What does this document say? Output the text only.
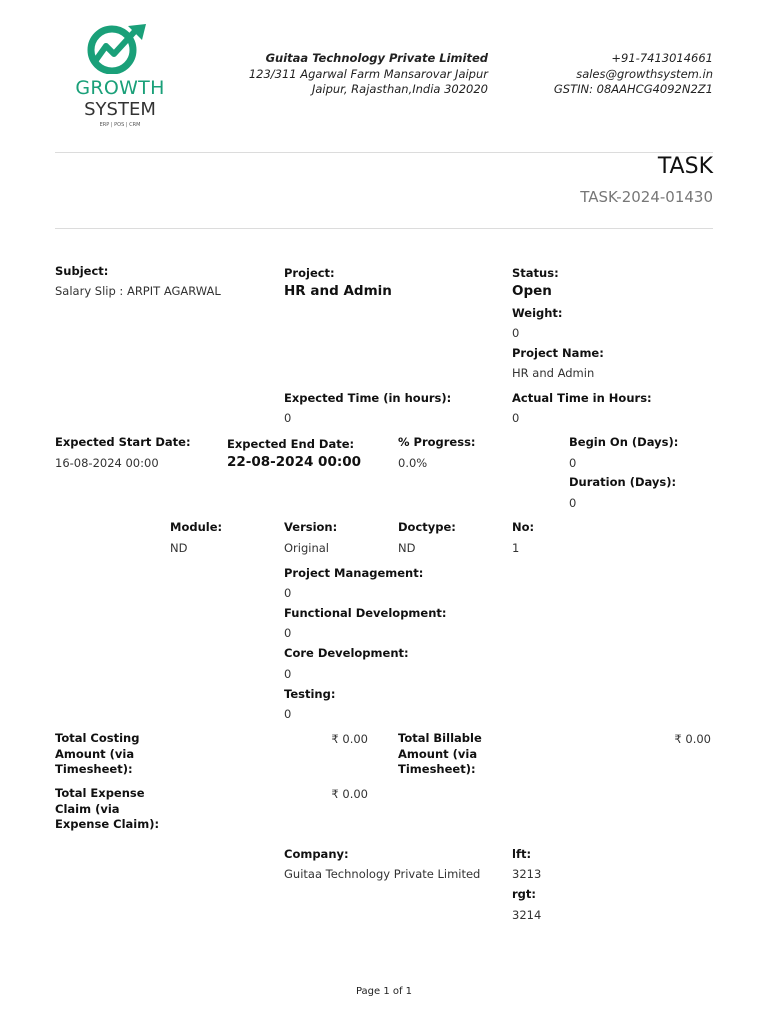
GROWTH
SYSTEM
ERP | POS | CRM
Guitaa Technology Private Limited
123/311 Agarwal Farm Mansarovar Jaipur
Jaipur, Rajasthan,India 302020
+91-7413014661
sales@growthsystem.in
GSTIN: 08AAHCG4092N2Z1
TASK
TASK-2024-01430
Subject:
Salary Slip : ARPIT AGARWAL
Project:
HR and Admin
Status:
Open
Weight:
0
Project Name:
HR and Admin
Expected Time (in hours):
0
Actual Time in Hours:
0
Expected Start Date:
16-08-2024 00:00
Expected End Date:
22-08-2024 00:00
% Progress:
0.0%
Begin On (Days):
0
Duration (Days):
0
Module:
ND
Version:
Original
Doctype:
ND
No:
1
Project Management:
0
Functional Development:
0
Core Development:
0
Testing:
0
Total Costing
Amount (via
Timesheet):
₹ 0.00	Total Billable
Amount (via
Timesheet):
₹ 0.00
Total Expense
Claim (via
Expense Claim):
₹ 0.00
Company:
Guitaa Technology Private Limited
lft:
3213
rgt:
3214
Page 1 of 1
